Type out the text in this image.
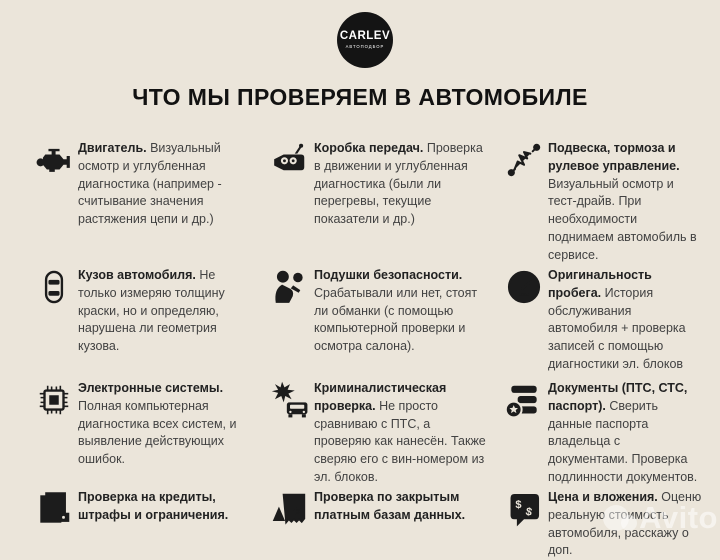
CARLEV
АВТОПОДБОР
ЧТО МЫ ПРОВЕРЯЕМ В АВТОМОБИЛЕ

Двигатель. Визуальный осмотр и углубленная диагностика (например - считывание значения растяжения цепи и др.)

Коробка передач. Проверка в движении и углубленная диагностика (были ли перегревы, текущие показатели и др.)

Подвеска, тормоза и рулевое управление.
Визуальный осмотр и тест-драйв. При необходимости поднимаем автомобиль в сервисе.

Кузов автомобиля. Не только измеряю толщину краски, но и определяю, нарушена ли геометрия кузова.

Подушки безопасности. Срабатывали или нет, стоят ли обманки (с помощью компьютерной проверки и осмотра салона).

0000

Оригинальность пробега. История обслуживания автомобиля + проверка записей с помощью диагностики эл. блоков

Электронные системы. Полная компьютерная диагностика всех систем, и выявление действующих ошибок.

Криминалистическая проверка. Не просто сравниваю с ПТС, а проверяю как нанесён. Также сверяю его с вин-номером из эл. блоков.

Документы (ПТС, СТС, паспорт). Сверить данные паспорта владельца с документами. Проверка подлинности документов.

Проверка на кредиты, штрафы и ограничения.	$

Проверка по закрытым платным базам данных.

$
$

Цена и вложения. Оценю реальную стоимость автомобиля, расскажу о доп.

Avito
